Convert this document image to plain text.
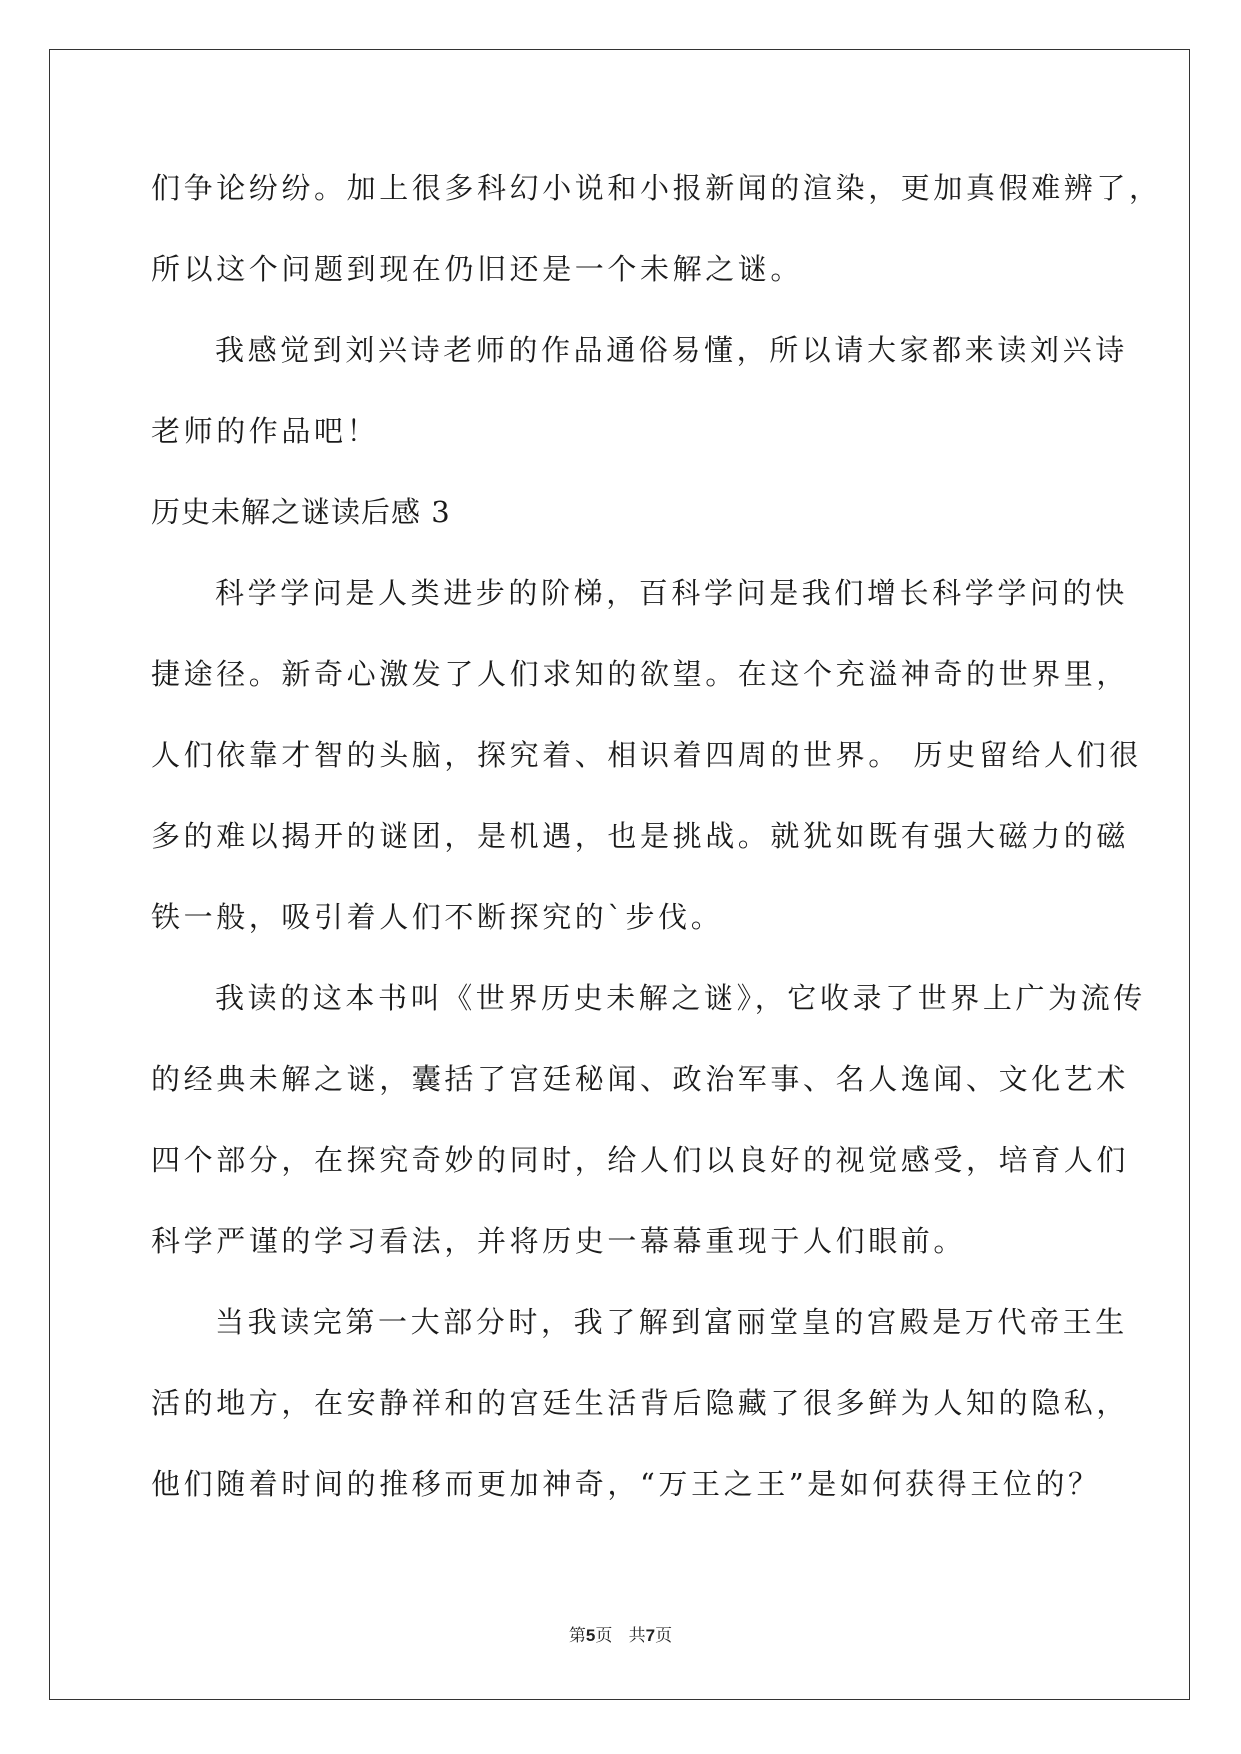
们争论纷纷。加上很多科幻小说和小报新闻的渲染，更加真假难辨了，
所以这个问题到现在仍旧还是一个未解之谜。
我感觉到刘兴诗老师的作品通俗易懂，所以请大家都来读刘兴诗
老师的作品吧！
历史未解之谜读后感 3
科学学问是人类进步的阶梯，百科学问是我们增长科学学问的快
捷途径。新奇心激发了人们求知的欲望。在这个充溢神奇的世界里，
人们依靠才智的头脑，探究着、相识着四周的世界。 历史留给人们很
多的难以揭开的谜团，是机遇，也是挑战。就犹如既有强大磁力的磁
铁一般，吸引着人们不断探究的`步伐。
我读的这本书叫《世界历史未解之谜》，它收录了世界上广为流传
的经典未解之谜，囊括了宫廷秘闻、政治军事、名人逸闻、文化艺术
四个部分，在探究奇妙的同时，给人们以良好的视觉感受，培育人们
科学严谨的学习看法，并将历史一幕幕重现于人们眼前。
当我读完第一大部分时，我了解到富丽堂皇的宫殿是万代帝王生
活的地方，在安静祥和的宫廷生活背后隐藏了很多鲜为人知的隐私，
他们随着时间的推移而更加神奇，“万王之王”是如何获得王位的？
第5页 共7页
